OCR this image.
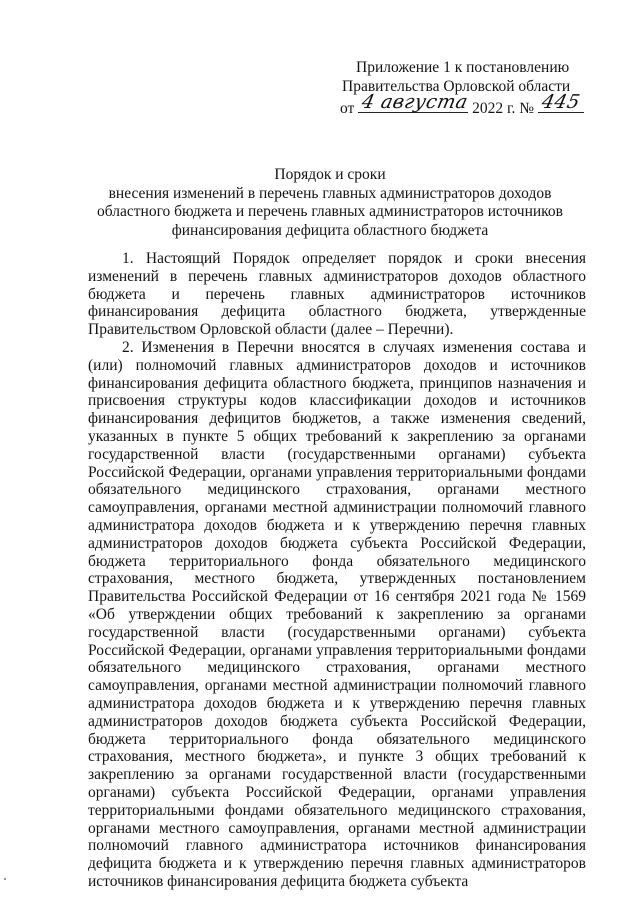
Приложение 1 к постановлению
Правительства Орловской области
от 4 августа 2022 г. № 445
Порядок и сроки
внесения изменений в перечень главных администраторов доходов
областного бюджета и перечень главных администраторов источников
финансирования дефицита областного бюджета

1. Настоящий Порядок определяет порядок и сроки внесения изменений в перечень главных администраторов доходов областного бюджета и перечень главных администраторов источников финансирования дефицита областного бюджета, утвержденные Правительством Орловской области (далее – Перечни).

2. Изменения в Перечни вносятся в случаях изменения состава и (или) полномочий главных администраторов доходов и источников финансирования дефицита областного бюджета, принципов назначения и присвоения структуры кодов классификации доходов и источников финансирования дефицитов бюджетов, а также изменения сведений, указанных в пункте 5 общих требований к закреплению за органами государственной власти (государственными органами) субъекта Российской Федерации, органами управления территориальными фондами обязательного медицинского страхования, органами местного самоуправления, органами местной администрации полномочий главного администратора доходов бюджета и к утверждению перечня главных администраторов доходов бюджета субъекта Российской Федерации, бюджета территориального фонда обязательного медицинского страхования, местного бюджета, утвержденных постановлением Правительства Российской Федерации от 16 сентября 2021 года № 1569 «Об утверждении общих требований к закреплению за органами государственной власти (государственными органами) субъекта Российской Федерации, органами управления территориальными фондами обязательного медицинского страхования, органами местного самоуправления, органами местной администрации полномочий главного администратора доходов бюджета и к утверждению перечня главных администраторов доходов бюджета субъекта Российской Федерации, бюджета территориального фонда обязательного медицинского страхования, местного бюджета», и пункте 3 общих требований к закреплению за органами государственной власти (государственными органами) субъекта Российской Федерации, органами управления территориальными фондами обязательного медицинского страхования, органами местного самоуправления, органами местной администрации полномочий главного администратора источников финансирования дефицита бюджета и к утверждению перечня главных администраторов источников финансирования дефицита бюджета субъекта
